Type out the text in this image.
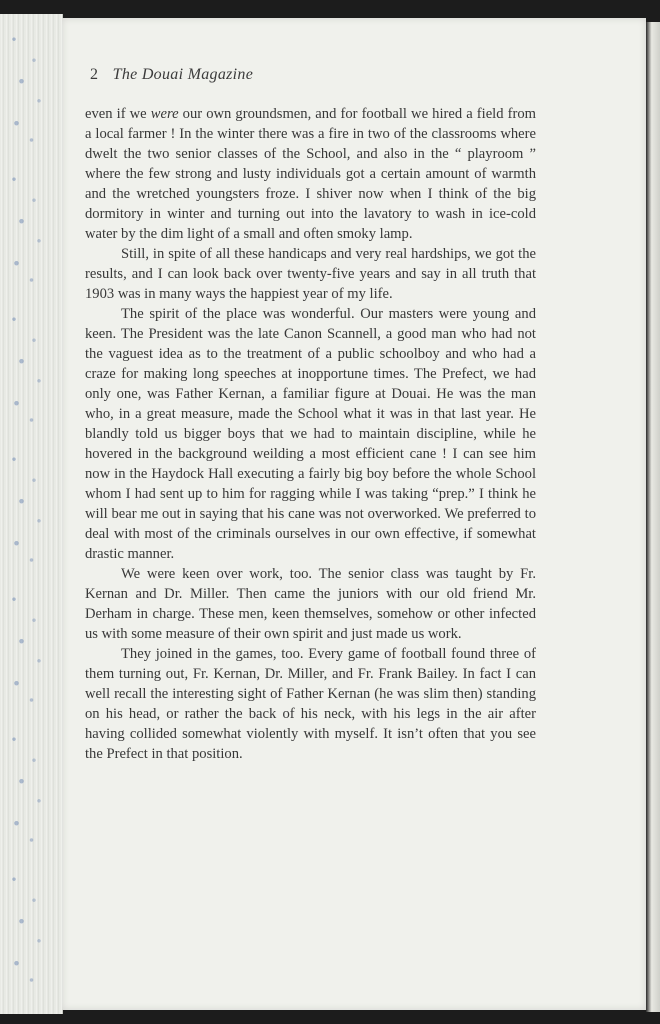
2 The Douai Magazine

even if we were our own groundsmen, and for football we hired a field from a local farmer ! In the winter there was a fire in two of the classrooms where dwelt the two senior classes of the School, and also in the “ playroom ” where the few strong and lusty individuals got a certain amount of warmth and the wretched youngsters froze. I shiver now when I think of the big dormitory in winter and turning out into the lavatory to wash in ice-cold water by the dim light of a small and often smoky lamp.

Still, in spite of all these handicaps and very real hardships, we got the results, and I can look back over twenty-five years and say in all truth that 1903 was in many ways the happiest year of my life.

The spirit of the place was wonderful. Our masters were young and keen. The President was the late Canon Scannell, a good man who had not the vaguest idea as to the treatment of a public schoolboy and who had a craze for making long speeches at inopportune times. The Prefect, we had only one, was Father Kernan, a familiar figure at Douai. He was the man who, in a great measure, made the School what it was in that last year. He blandly told us bigger boys that we had to maintain discipline, while he hovered in the background weilding a most efficient cane ! I can see him now in the Haydock Hall executing a fairly big boy before the whole School whom I had sent up to him for ragging while I was taking “prep.” I think he will bear me out in saying that his cane was not overworked. We preferred to deal with most of the criminals ourselves in our own effective, if somewhat drastic manner.

We were keen over work, too. The senior class was taught by Fr. Kernan and Dr. Miller. Then came the juniors with our old friend Mr. Derham in charge. These men, keen themselves, somehow or other infected us with some measure of their own spirit and just made us work.

They joined in the games, too. Every game of football found three of them turning out, Fr. Kernan, Dr. Miller, and Fr. Frank Bailey. In fact I can well recall the interesting sight of Father Kernan (he was slim then) standing on his head, or rather the back of his neck, with his legs in the air after having collided somewhat violently with myself. It isn’t often that you see the Prefect in that position.
